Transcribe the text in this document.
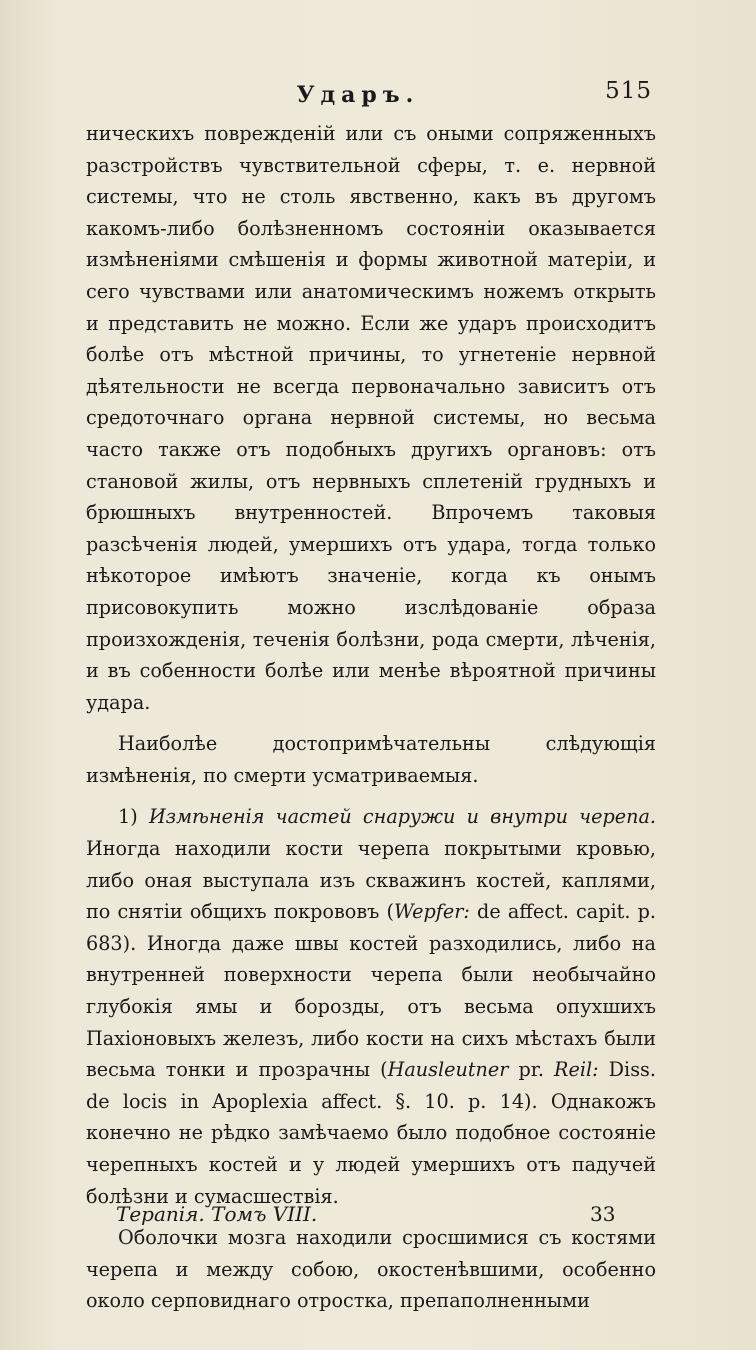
Ударъ.	515

ническихъ поврежденій или съ оными сопряженныхъ разстройствъ чувствительной сферы, т. е. нервной системы, что не столь явственно, какъ въ другомъ какомъ-либо болѣзненномъ состояніи оказывается измѣненіями смѣшенія и формы животной матеріи, и сего чувствами или анатомическимъ ножемъ открыть и представить не можно. Если же ударъ происходитъ болѣе отъ мѣстной причины, то угнетеніе нервной дѣятельности не всегда первоначально зависитъ отъ средоточнаго органа нервной системы, но весьма часто также отъ подобныхъ другихъ органовъ: отъ становой жилы, отъ нервныхъ сплетеній грудныхъ и брюшныхъ внутренностей. Впрочемъ таковыя разсѣченія людей, умершихъ отъ удара, тогда только нѣкоторое имѣютъ значеніе, когда къ онымъ присовокупить можно изслѣдованіе образа произхожденія, теченія болѣзни, рода смерти, лѣченія, и въ собенности болѣе или менѣе вѣроятной причины удара.

Наиболѣе достопримѣчательны слѣдующія измѣненія, по смерти усматриваемыя.

1) Измѣненія частей снаружи и внутри черепа. Иногда находили кости черепа покрытыми кровью, либо оная выступала изъ скважинъ костей, каплями, по снятіи общихъ покрововъ (Wepfer: de affect. capit. p. 683). Иногда даже швы костей разходились, либо на внутренней поверхности черепа были необычайно глубокія ямы и борозды, отъ весьма опухшихъ Пахіоновыхъ железъ, либо кости на сихъ мѣстахъ были весьма тонки и прозрачны (Hausleutner pr. Reil: Diss. de locis in Apoplexia affect. §. 10. p. 14). Однакожъ конечно не рѣдко замѣчаемо было подобное состояніе черепныхъ костей и у людей умершихъ отъ падучей болѣзни и сумасшествія.

Оболочки мозга находили сросшимися съ костями черепа и между собою, окостенѣвшими, особенно около серповиднаго отростка, препаполненными

Терапія. Томъ VIII.	33
